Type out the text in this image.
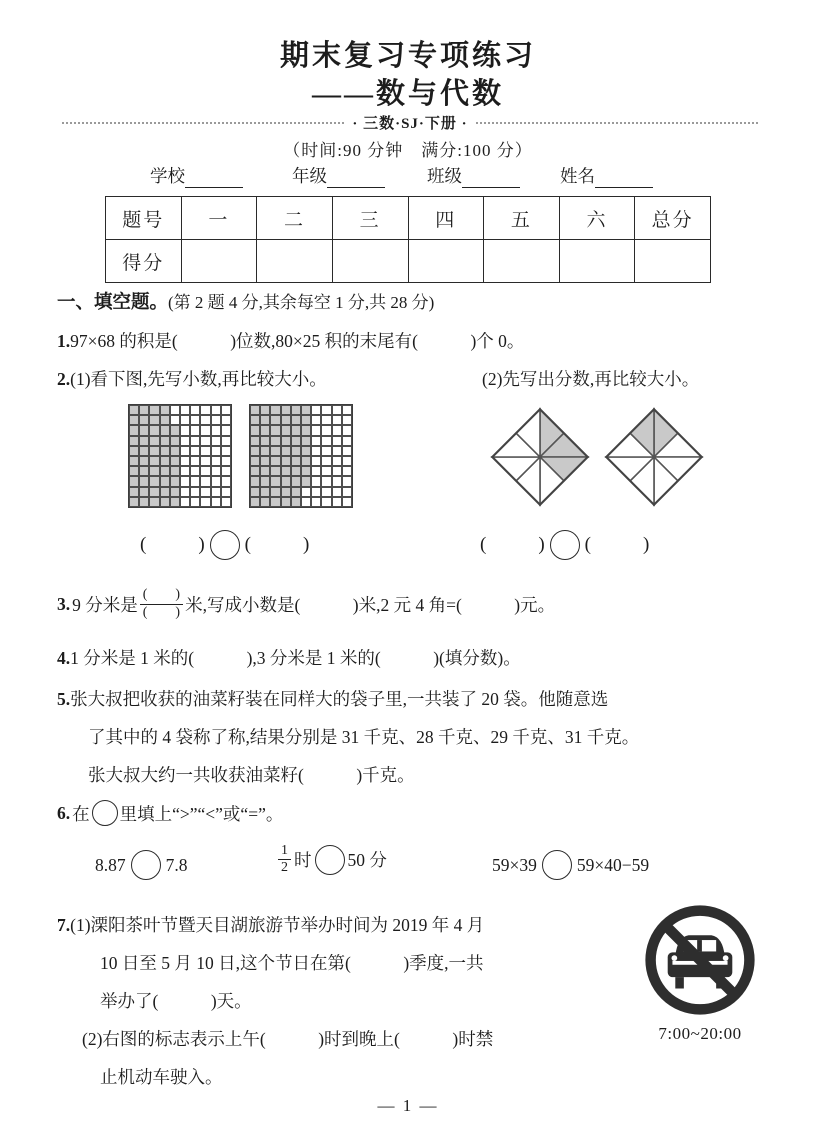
期末复习专项练习
——数与代数
· 三数·SJ·下册 ·
（时间:90 分钟　满分:100 分）
学校	年级	班级	姓名
题号	一	二	三	四	五	六	总分
得分							
一、填空题。(第 2 题 4 分,其余每空 1 分,共 28 分)
1.97×68 的积是(　　　)位数,80×25 积的末尾有(　　　)个 0。
2.(1)看下图,先写小数,再比较大小。	(2)先写出分数,再比较大小。
(	) (	)	(	) (	)
3. 9 分米是 $\frac{( )}{( )}$ 米,写成小数是(　　　)米,2 元 4 角=(　　　)元。
4.1 分米是 1 米的(　　　),3 分米是 1 米的(　　　)(填分数)。
5.张大叔把收获的油菜籽装在同样大的袋子里,一共装了 20 袋。他随意选
了其中的 4 袋称了称,结果分别是 31 千克、28 千克、29 千克、31 千克。
张大叔大约一共收获油菜籽(　　　)千克。
6. 在 里填上“>”“<”或“=”。
8.87 7.8	$\frac{1}{2}$ 时 50 分	59×39 59×40−59
7.(1)溧阳茶叶节暨天目湖旅游节举办时间为 2019 年 4 月
10 日至 5 月 10 日,这个节日在第(　　　)季度,一共
举办了(　　　)天。
(2)右图的标志表示上午(　　　)时到晚上(　　　)时禁
止机动车驶入。
7:00~20:00
— 1 —
